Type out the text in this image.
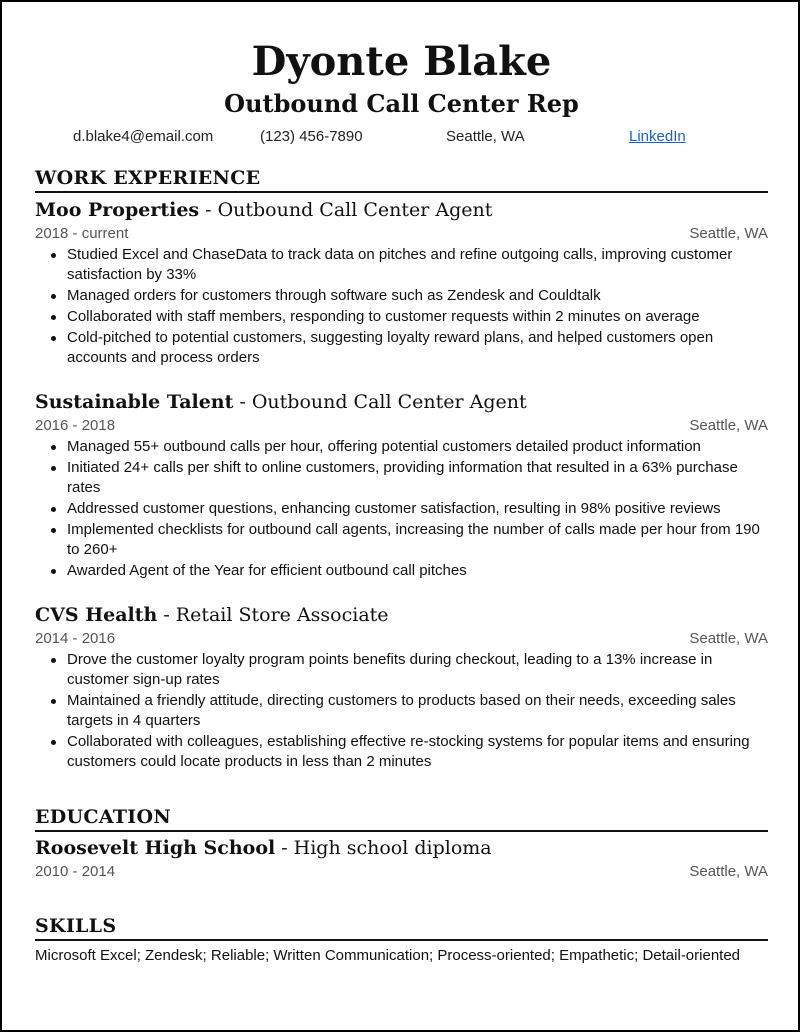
Dyonte Blake
Outbound Call Center Rep
d.blake4@email.com	(123) 456-7890	Seattle, WA	LinkedIn
WORK EXPERIENCE
Moo Properties - Outbound Call Center Agent
2018 - current	Seattle, WA
Studied Excel and ChaseData to track data on pitches and refine outgoing calls, improving customer satisfaction by 33%
Managed orders for customers through software such as Zendesk and Couldtalk
Collaborated with staff members, responding to customer requests within 2 minutes on average
Cold-pitched to potential customers, suggesting loyalty reward plans, and helped customers open accounts and process orders
Sustainable Talent - Outbound Call Center Agent
2016 - 2018	Seattle, WA
Managed 55+ outbound calls per hour, offering potential customers detailed product information
Initiated 24+ calls per shift to online customers, providing information that resulted in a 63% purchase rates
Addressed customer questions, enhancing customer satisfaction, resulting in 98% positive reviews
Implemented checklists for outbound call agents, increasing the number of calls made per hour from 190 to 260+
Awarded Agent of the Year for efficient outbound call pitches
CVS Health - Retail Store Associate
2014 - 2016	Seattle, WA
Drove the customer loyalty program points benefits during checkout, leading to a 13% increase in customer sign-up rates
Maintained a friendly attitude, directing customers to products based on their needs, exceeding sales targets in 4 quarters
Collaborated with colleagues, establishing effective re-stocking systems for popular items and ensuring customers could locate products in less than 2 minutes
EDUCATION
Roosevelt High School - High school diploma
2010 - 2014	Seattle, WA
SKILLS
Microsoft Excel; Zendesk; Reliable; Written Communication; Process-oriented; Empathetic; Detail-oriented
